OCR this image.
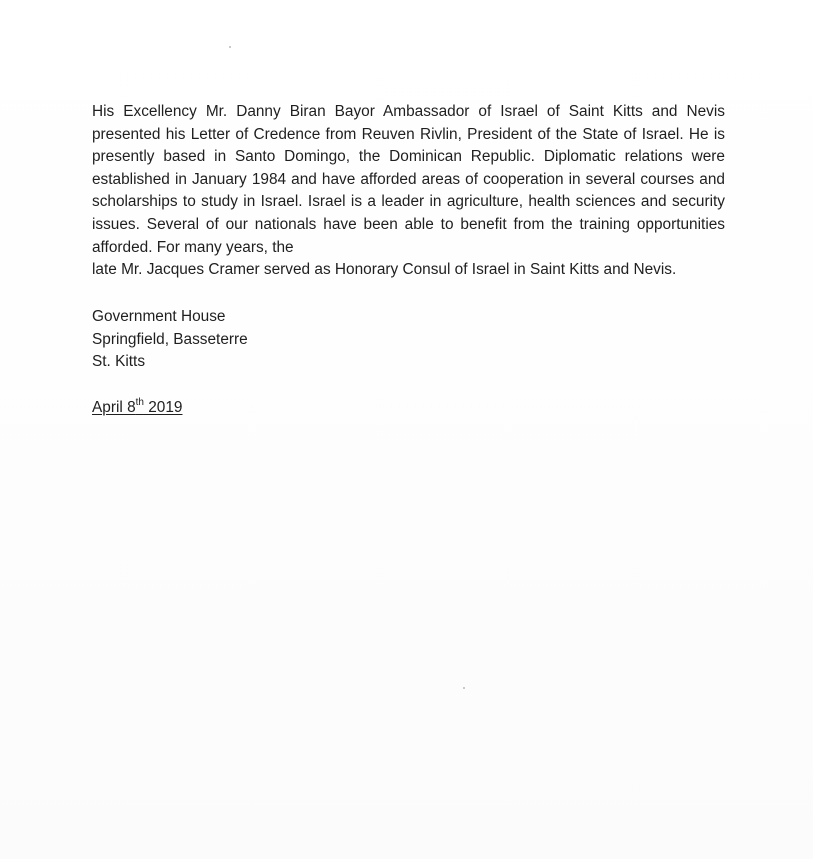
His Excellency Mr. Danny Biran Bayor Ambassador of Israel of Saint Kitts and Nevis presented his Letter of Credence from Reuven Rivlin, President of the State of Israel. He is presently based in Santo Domingo, the Dominican Republic. Diplomatic relations were established in January 1984 and have afforded areas of cooperation in several courses and scholarships to study in Israel. Israel is a leader in agriculture, health sciences and security issues. Several of our nationals have been able to benefit from the training opportunities afforded. For many years, the
late Mr. Jacques Cramer served as Honorary Consul of Israel in Saint Kitts and Nevis.

Government House
Springfield, Basseterre
St. Kitts

April 8th 2019
